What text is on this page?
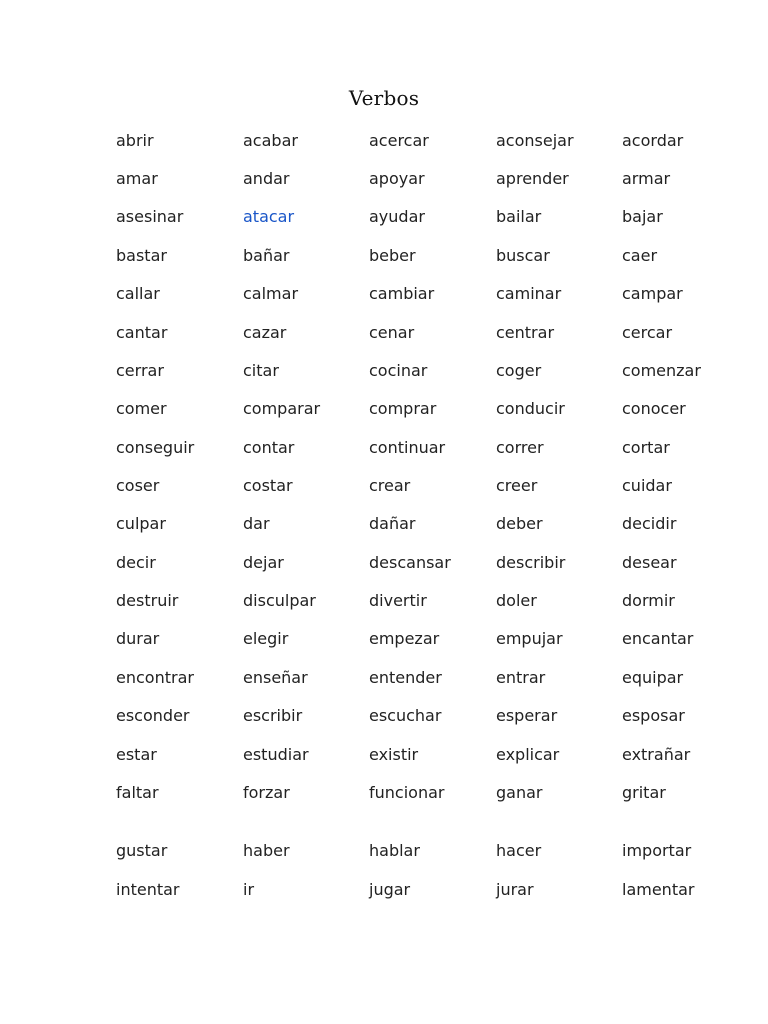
Verbos
abrir	acabar	acercar	aconsejar	acordar
amar	andar	apoyar	aprender	armar
asesinar	atacar	ayudar	bailar	bajar
bastar	bañar	beber	buscar	caer
callar	calmar	cambiar	caminar	campar
cantar	cazar	cenar	centrar	cercar
cerrar	citar	cocinar	coger	comenzar
comer	comparar	comprar	conducir	conocer
conseguir	contar	continuar	correr	cortar
coser	costar	crear	creer	cuidar
culpar	dar	dañar	deber	decidir
decir	dejar	descansar	describir	desear
destruir	disculpar	divertir	doler	dormir
durar	elegir	empezar	empujar	encantar
encontrar	enseñar	entender	entrar	equipar
esconder	escribir	escuchar	esperar	esposar
estar	estudiar	existir	explicar	extrañar
faltar	forzar	funcionar	ganar	gritar
gustar	haber	hablar	hacer	importar
intentar	ir	jugar	jurar	lamentar
